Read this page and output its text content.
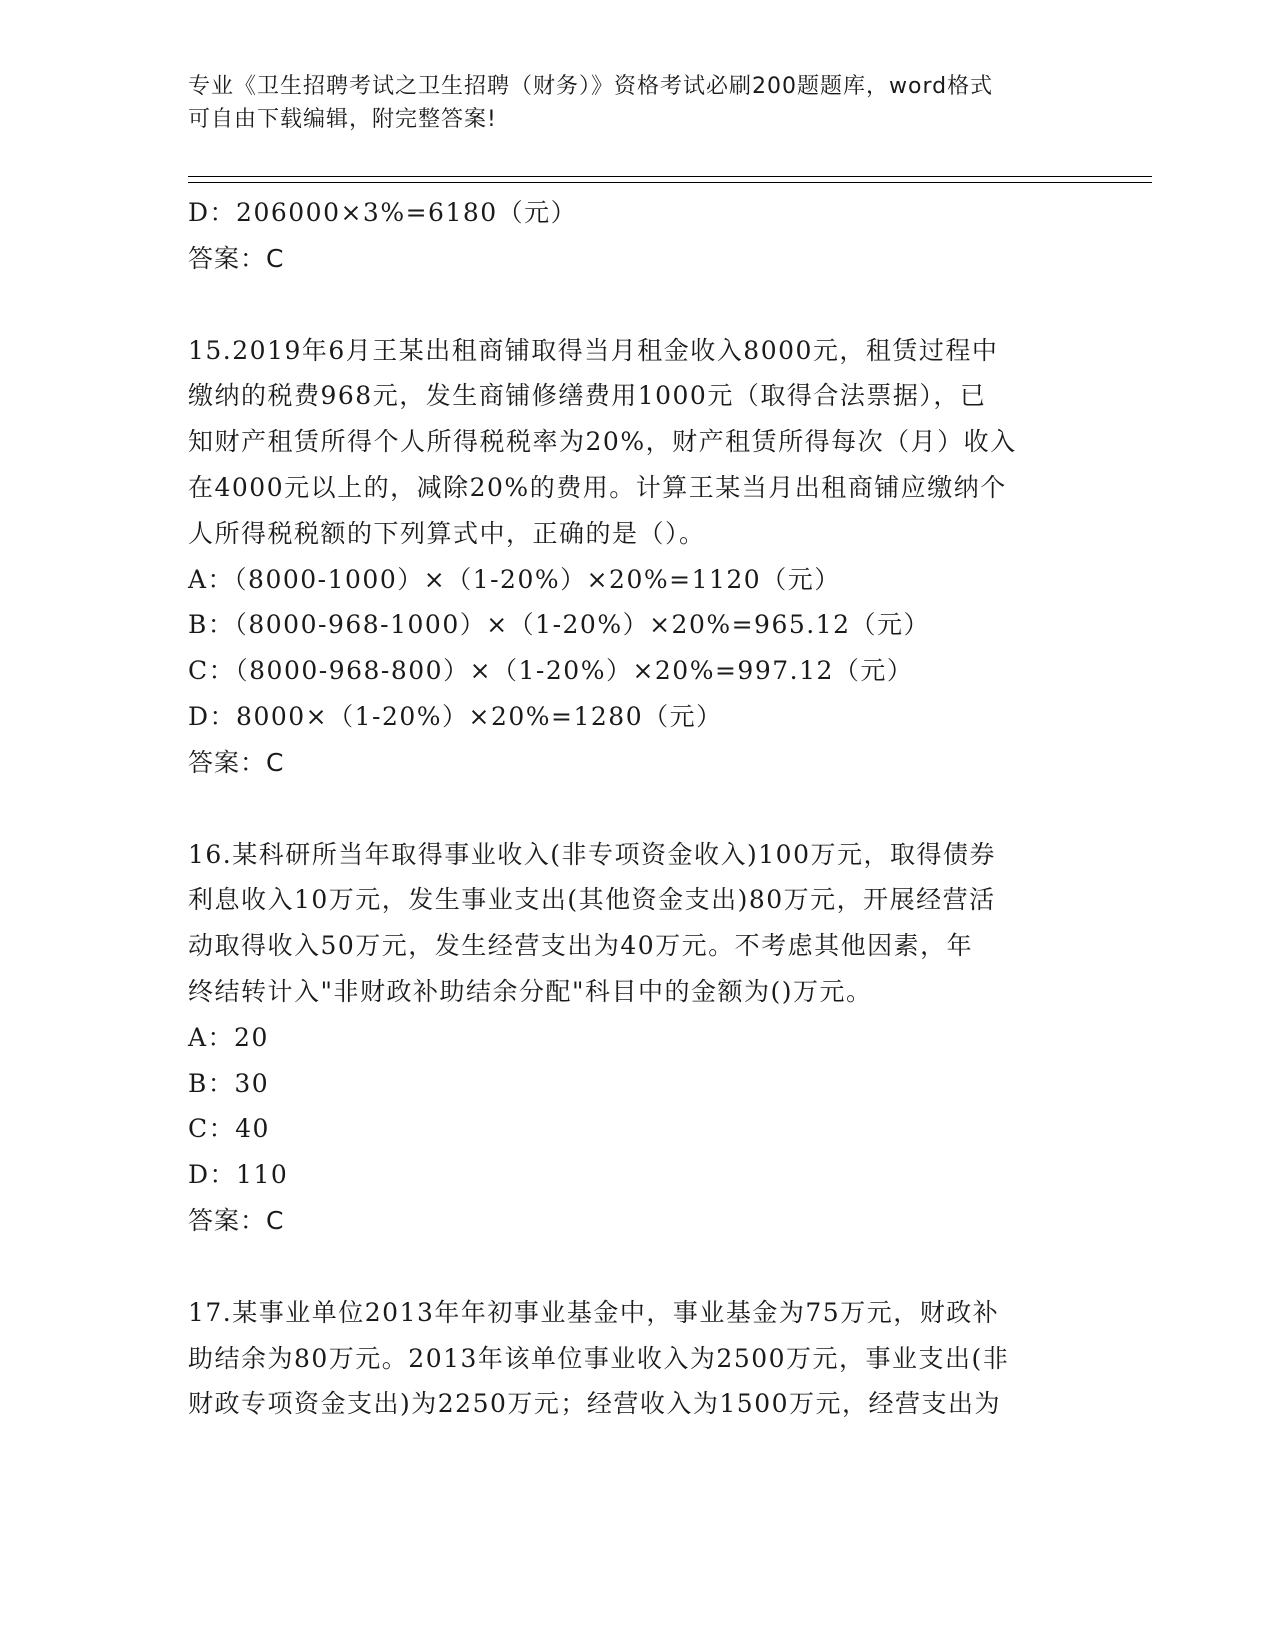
专业《卫生招聘考试之卫生招聘（财务）》资格考试必刷200题题库，word格式
可自由下载编辑，附完整答案!
D：206000×3%=6180（元）
答案：C
15.2019年6月王某出租商铺取得当月租金收入8000元，租赁过程中
缴纳的税费968元，发生商铺修缮费用1000元（取得合法票据），已
知财产租赁所得个人所得税税率为20%，财产租赁所得每次（月）收入
在4000元以上的，减除20%的费用。计算王某当月出租商铺应缴纳个
人所得税税额的下列算式中，正确的是（）。
A：（8000-1000）×（1-20%）×20%=1120（元）
B：（8000-968-1000）×（1-20%）×20%=965.12（元）
C：（8000-968-800）×（1-20%）×20%=997.12（元）
D：8000×（1-20%）×20%=1280（元）
答案：C
16.某科研所当年取得事业收入(非专项资金收入)100万元，取得债券
利息收入10万元，发生事业支出(其他资金支出)80万元，开展经营活
动取得收入50万元，发生经营支出为40万元。不考虑其他因素，年
终结转计入"非财政补助结余分配"科目中的金额为()万元。
A：20
B：30
C：40
D：110
答案：C
17.某事业单位2013年年初事业基金中，事业基金为75万元，财政补
助结余为80万元。2013年该单位事业收入为2500万元，事业支出(非
财政专项资金支出)为2250万元；经营收入为1500万元，经营支出为
